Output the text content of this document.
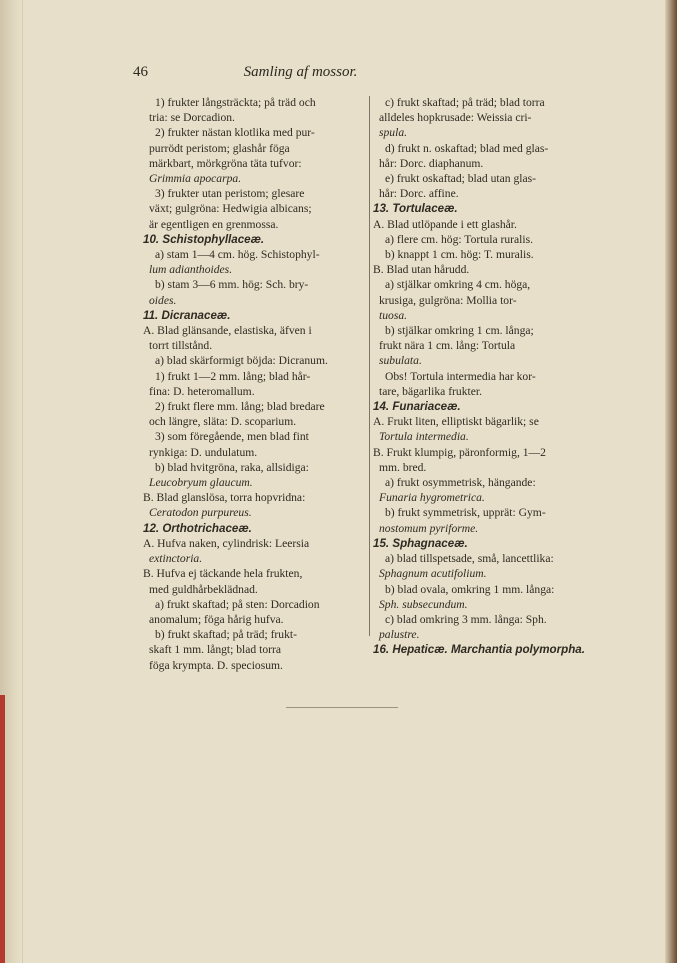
46	Samling af mossor.
1) frukter långsträckta; på träd och
tria: se Dorcadion.
2) frukter nästan klotlika med pur-
purrödt peristom; glashår föga
märkbart, mörkgröna täta tufvor:
Grimmia apocarpa.
3) frukter utan peristom; glesare
växt; gulgröna: Hedwigia albicans;
är egentligen en grenmossa.
10. Schistophyllaceæ.
a) stam 1—4 cm. hög. Schistophyl-
lum adianthoides.
b) stam 3—6 mm. hög: Sch. bry-
oides.
11. Dicranaceæ.
A. Blad glänsande, elastiska, äfven i
torrt tillstånd.
a) blad skärformigt böjda: Dicranum.
1) frukt 1—2 mm. lång; blad hår-
fina: D. heteromallum.
2) frukt flere mm. lång; blad bredare
och längre, släta: D. scoparium.
3) som föregående, men blad fint
rynkiga: D. undulatum.
b) blad hvitgröna, raka, allsidiga:
Leucobryum glaucum.
B. Blad glanslösa, torra hopvridna:
Ceratodon purpureus.
12. Orthotrichaceæ.
A. Hufva naken, cylindrisk: Leersia
extinctoria.
B. Hufva ej täckande hela frukten,
med guldhårbeklädnad.
a) frukt skaftad; på sten: Dorcadion
anomalum; föga hårig hufva.
b) frukt skaftad; på träd; frukt-
skaft 1 mm. långt; blad torra
föga krympta. D. speciosum.
c) frukt skaftad; på träd; blad torra
alldeles hopkrusade: Weissia cri-
spula.
d) frukt n. oskaftad; blad med glas-
hår: Dorc. diaphanum.
e) frukt oskaftad; blad utan glas-
hår: Dorc. affine.
13. Tortulaceæ.
A. Blad utlöpande i ett glashår.
a) flere cm. hög: Tortula ruralis.
b) knappt 1 cm. hög: T. muralis.
B. Blad utan hårudd.
a) stjälkar omkring 4 cm. höga,
krusiga, gulgröna: Mollia tor-
tuosa.
b) stjälkar omkring 1 cm. långa;
frukt nära 1 cm. lång: Tortula
subulata.
Obs! Tortula intermedia har kor-
tare, bägarlika frukter.
14. Funariaceæ.
A. Frukt liten, elliptiskt bägarlik; se
Tortula intermedia.
B. Frukt klumpig, päronformig, 1—2
mm. bred.
a) frukt osymmetrisk, hängande:
Funaria hygrometrica.
b) frukt symmetrisk, upprät: Gym-
nostomum pyriforme.
15. Sphagnaceæ.
a) blad tillspetsade, små, lancettlika:
Sphagnum acutifolium.
b) blad ovala, omkring 1 mm. långa:
Sph. subsecundum.
c) blad omkring 3 mm. långa: Sph.
palustre.
16. Hepaticæ. Marchantia polymorpha.
